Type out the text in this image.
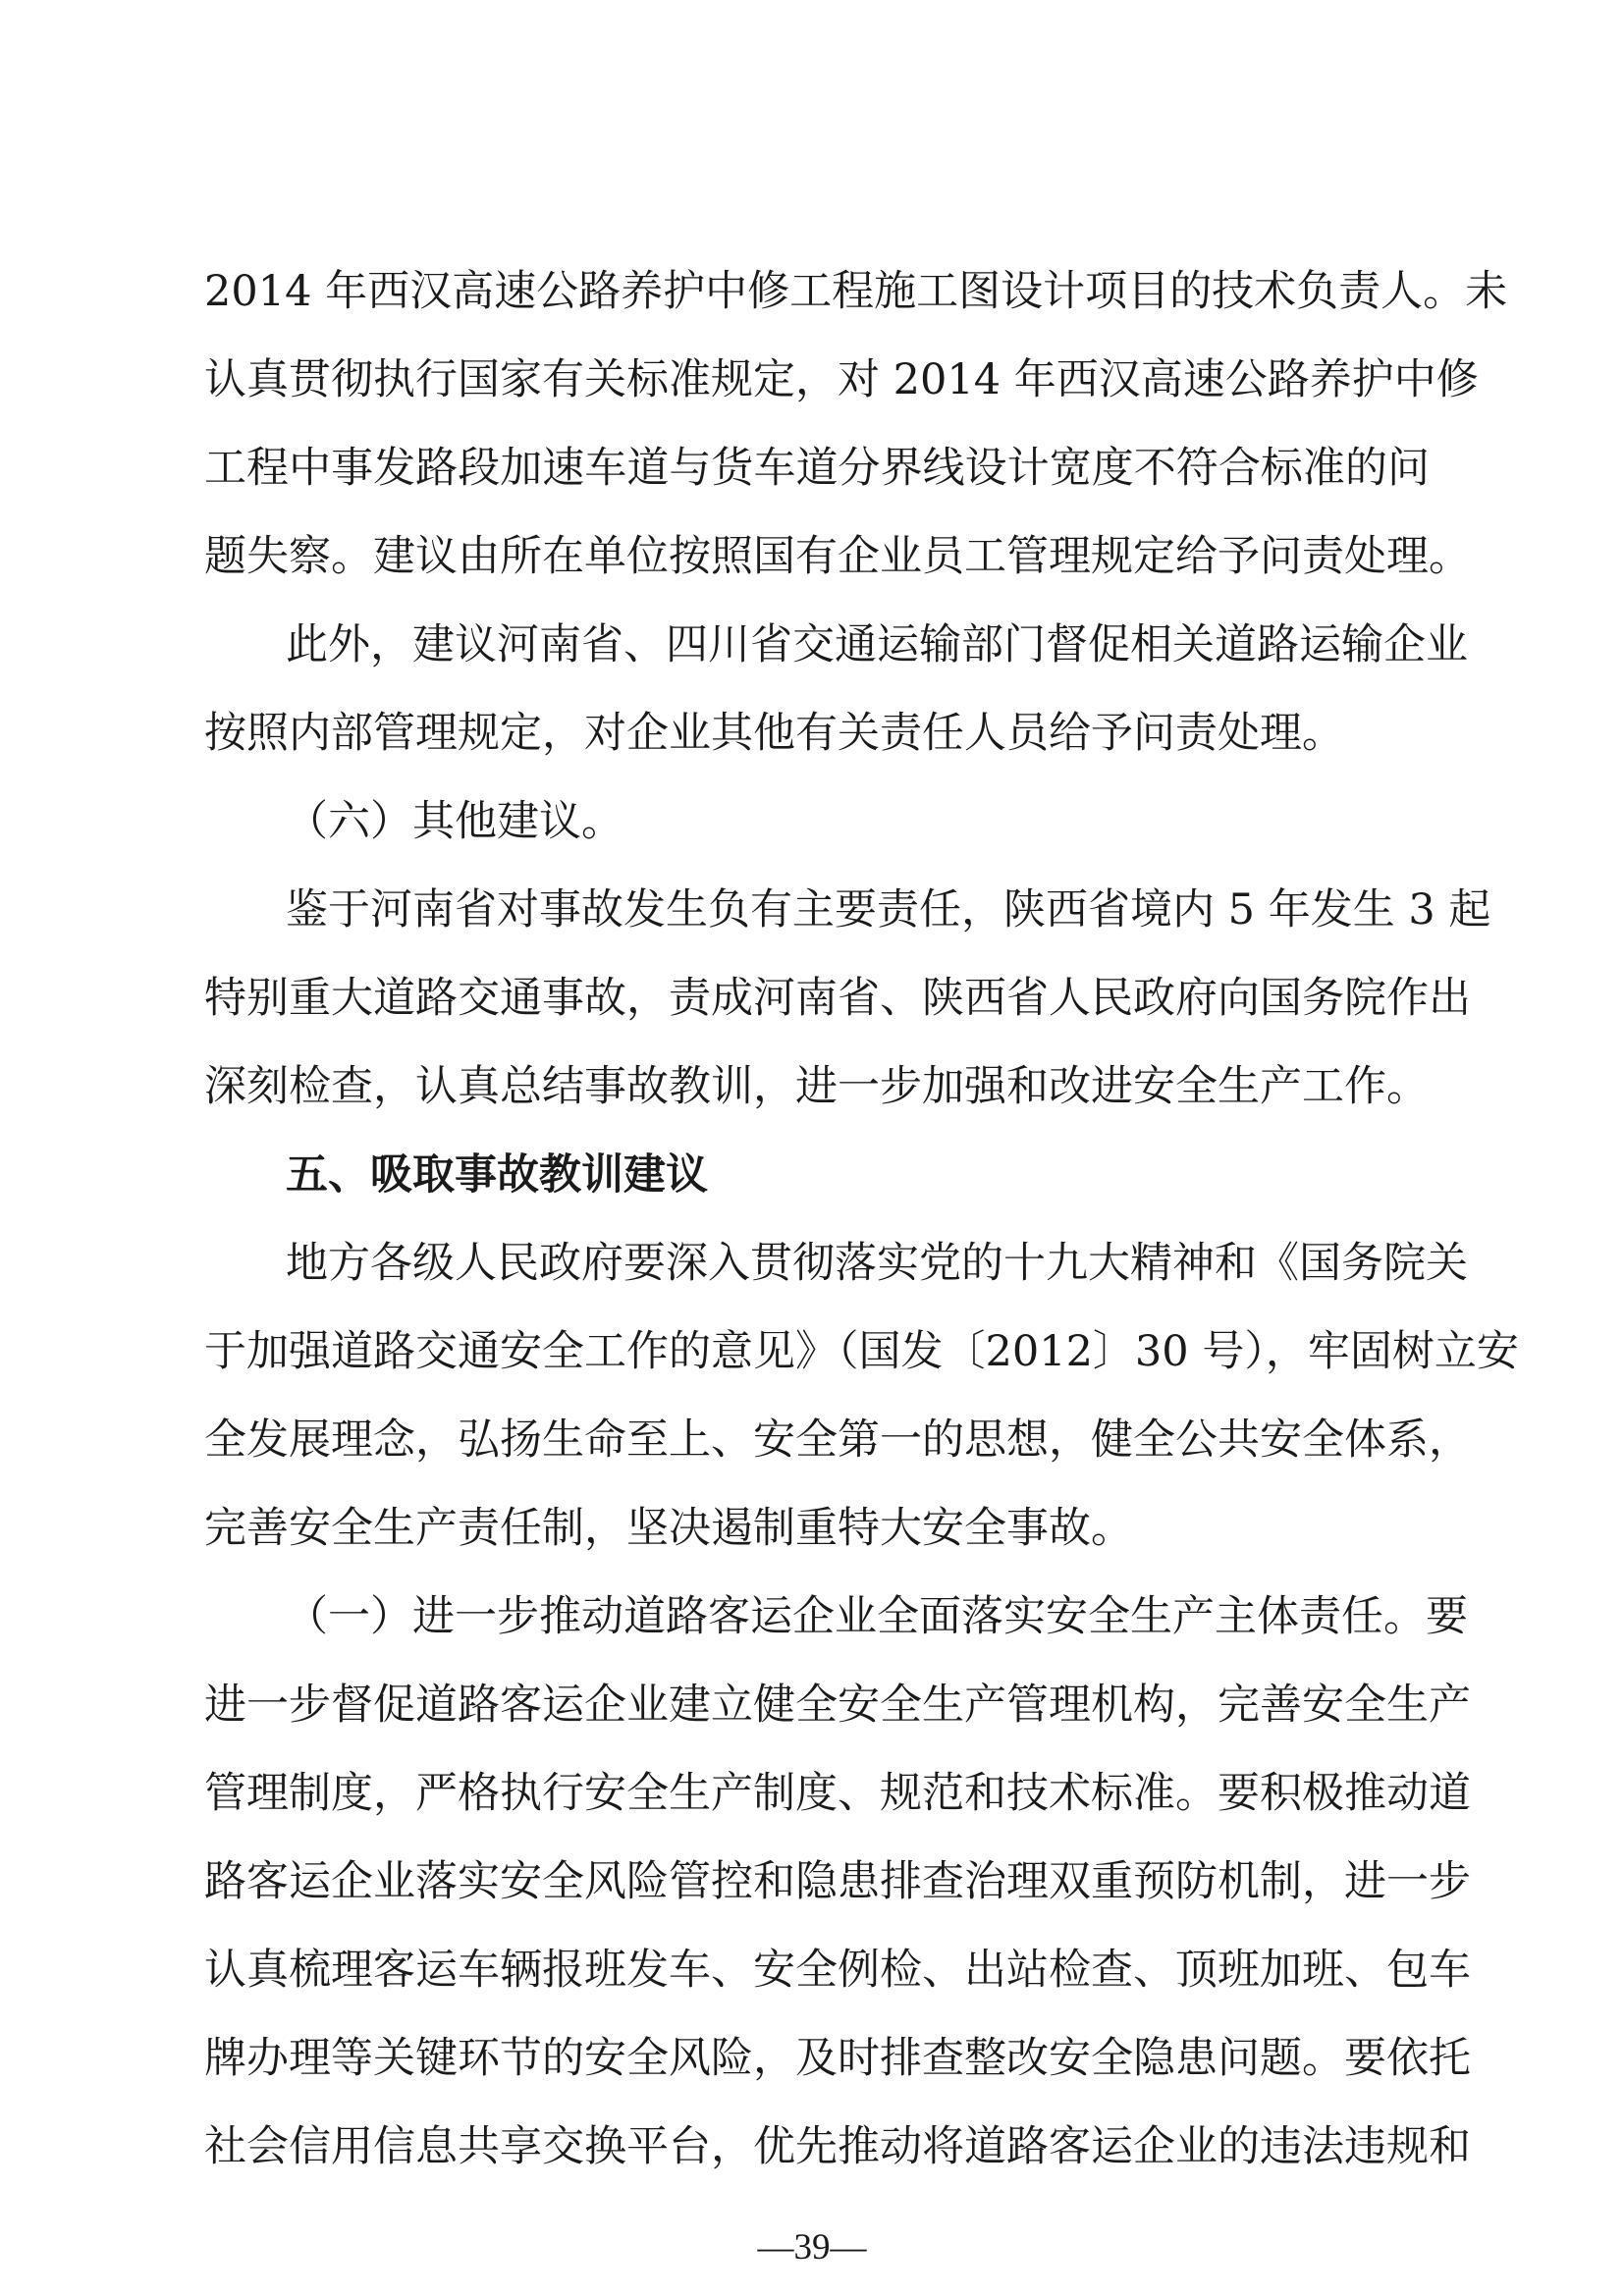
2014 年西汉高速公路养护中修工程施工图设计项目的技术负责人。未
认真贯彻执行国家有关标准规定，对 2014 年西汉高速公路养护中修
工程中事发路段加速车道与货车道分界线设计宽度不符合标准的问
题失察。建议由所在单位按照国有企业员工管理规定给予问责处理。
此外，建议河南省、四川省交通运输部门督促相关道路运输企业
按照内部管理规定，对企业其他有关责任人员给予问责处理。
（六）其他建议。
鉴于河南省对事故发生负有主要责任，陕西省境内 5 年发生 3 起
特别重大道路交通事故，责成河南省、陕西省人民政府向国务院作出
深刻检查，认真总结事故教训，进一步加强和改进安全生产工作。
五、吸取事故教训建议
地方各级人民政府要深入贯彻落实党的十九大精神和《国务院关
于加强道路交通安全工作的意见》（国发〔2012〕30 号），牢固树立安
全发展理念，弘扬生命至上、安全第一的思想，健全公共安全体系，
完善安全生产责任制，坚决遏制重特大安全事故。
（一）进一步推动道路客运企业全面落实安全生产主体责任。要
进一步督促道路客运企业建立健全安全生产管理机构，完善安全生产
管理制度，严格执行安全生产制度、规范和技术标准。要积极推动道
路客运企业落实安全风险管控和隐患排查治理双重预防机制，进一步
认真梳理客运车辆报班发车、安全例检、出站检查、顶班加班、包车
牌办理等关键环节的安全风险，及时排查整改安全隐患问题。要依托
社会信用信息共享交换平台，优先推动将道路客运企业的违法违规和
—39—
